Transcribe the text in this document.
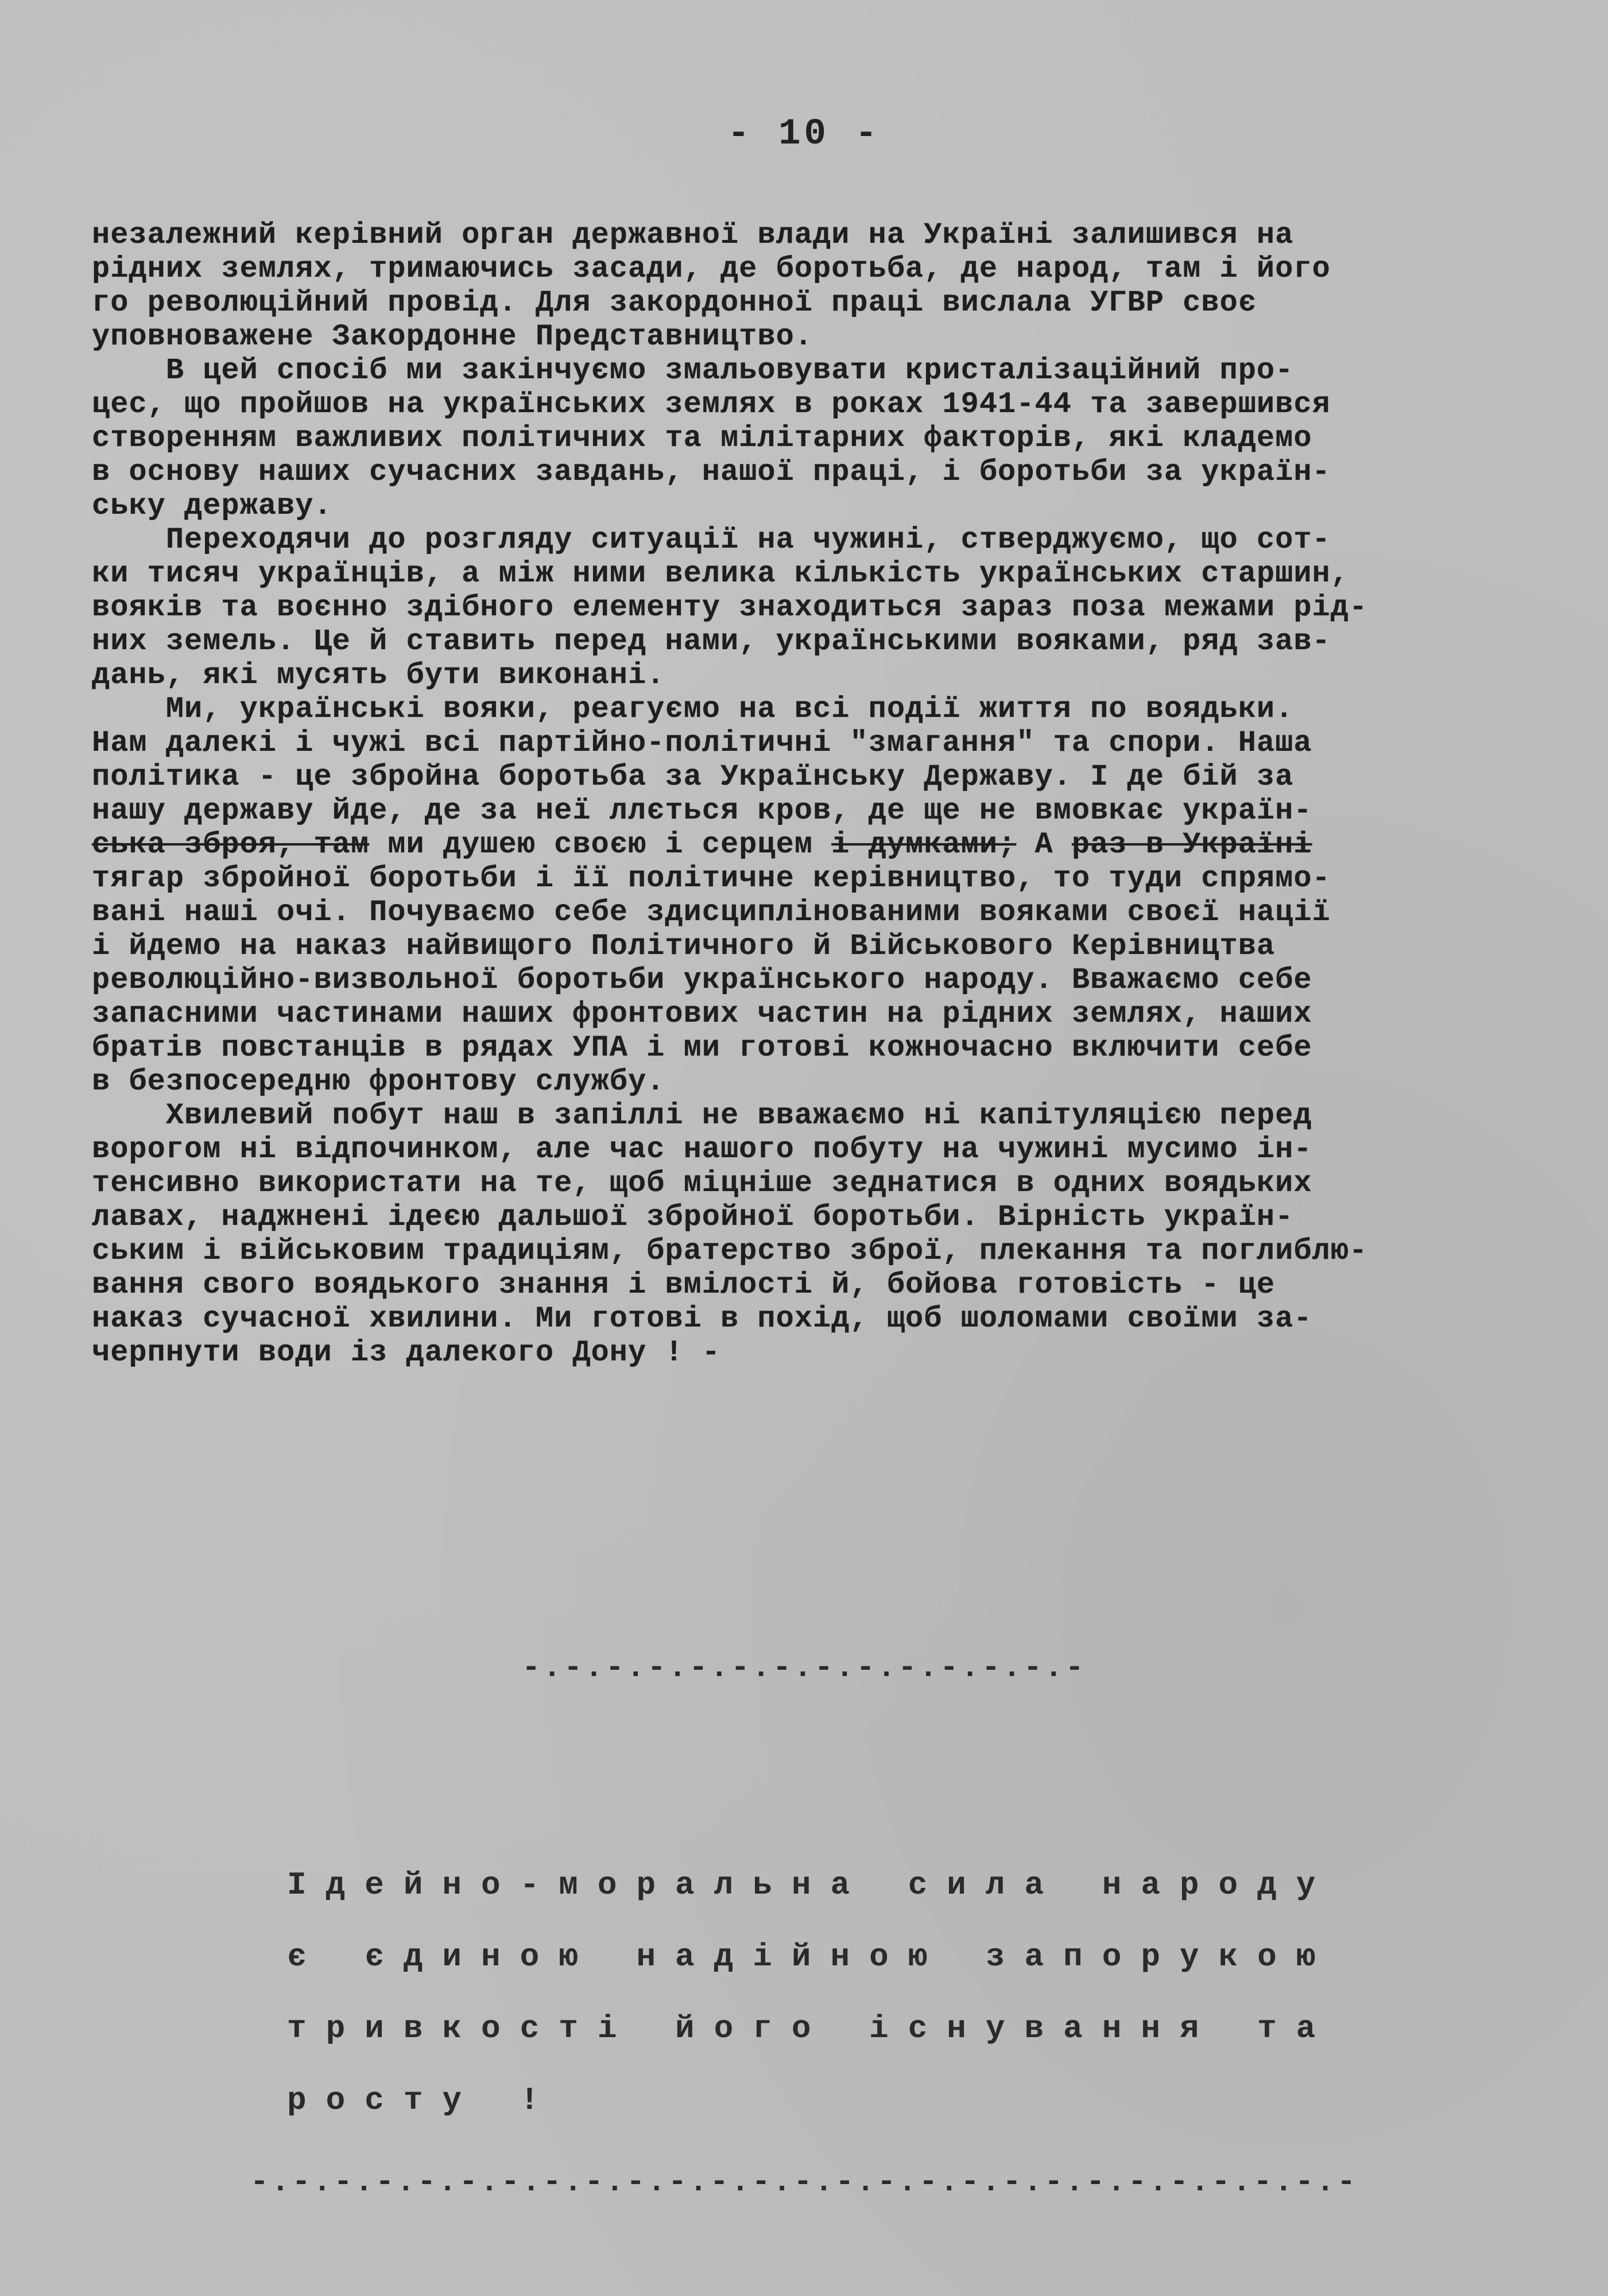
- 10 -
незалежний керівний орган державної влади на Україні залишився на
рідних землях, тримаючись засади, де боротьба, де народ, там і його
го революційний провід. Для закордонної праці вислала УГВР своє
уповноважене Закордонне Представництво.
В цей спосіб ми закінчуємо змальовувати кристалізаційний про-
цес, що пройшов на українських землях в роках 1941-44 та завершився
створенням важливих політичних та мілітарних факторів, які кладемо
в основу наших сучасних завдань, нашої праці, і боротьби за україн-
ську державу.
Переходячи до розгляду ситуації на чужині, стверджуємо, що сот-
ки тисяч українців, а між ними велика кількість українських старшин,
вояків та воєнно здібного елементу знаходиться зараз поза межами рід-
них земель. Це й ставить перед нами, українськими вояками, ряд зав-
дань, які мусять бути виконані.
Ми, українські вояки, реагуємо на всі події життя по воядьки.
Нам далекі і чужі всі партійно-політичні "змагання" та спори. Наша
політика - це збройна боротьба за Українську Державу. І де бій за
нашу державу йде, де за неї ллється кров, де ще не вмовкає україн-
ська зброя, там ми душею своєю і серцем і думками; А раз в Україні
тягар збройної боротьби і її політичне керівництво, то туди спрямо-
вані наші очі. Почуваємо себе здисциплінованими вояками своєї нації
і йдемо на наказ найвищого Політичного й Військового Керівництва
революційно-визвольної боротьби українського народу. Вважаємо себе
запасними частинами наших фронтових частин на рідних землях, наших
братів повстанців в рядах УПА і ми готові кожночасно включити себе
в безпосередню фронтову службу.
Хвилевий побут наш в запіллі не вважаємо ні капітуляцією перед
ворогом ні відпочинком, але час нашого побуту на чужині мусимо ін-
тенсивно використати на те, щоб міцніше зеднатися в одних воядьких
лавах, наджнені ідеєю дальшої збройної боротьби. Вірність україн-
ським і військовим традиціям, братерство зброї, плекання та поглиблю-
вання свого воядького знання і вмілості й, бойова готовість - це
наказ сучасної хвилини. Ми готові в похід, щоб шоломами своїми за-
черпнути води із далекого Дону ! -
-.-.-.-.-.-.-.-.-.-.-.-.-.-
Ідейно-моральна сила народу
є єдиною надійною запорукою
тривкості його існування та
росту !
-.-.-.-.-.-.-.-.-.-.-.-.-.-.-.-.-.-.-.-.-.-.-.-.-.-.-
